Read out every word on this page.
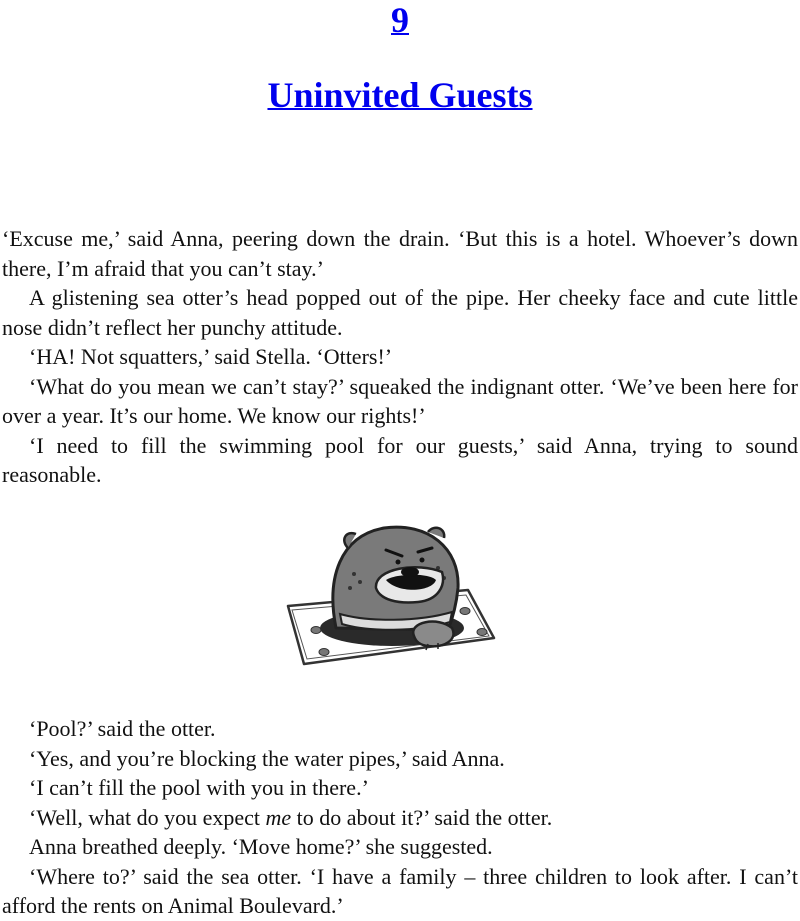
9
Uninvited Guests

‘Excuse me,’ said Anna, peering down the drain. ‘But this is a hotel. Whoever’s down there, I’m afraid that you can’t stay.’

A glistening sea otter’s head popped out of the pipe. Her cheeky face and cute little nose didn’t reflect her punchy attitude.

‘HA! Not squatters,’ said Stella. ‘Otters!’

‘What do you mean we can’t stay?’ squeaked the indignant otter. ‘We’ve been here for over a year. It’s our home. We know our rights!’

‘I need to fill the swimming pool for our guests,’ said Anna, trying to sound reasonable.

‘Pool?’ said the otter.

‘Yes, and you’re blocking the water pipes,’ said Anna.

‘I can’t fill the pool with you in there.’

‘Well, what do you expect me to do about it?’ said the otter.

Anna breathed deeply. ‘Move home?’ she suggested.

‘Where to?’ said the sea otter. ‘I have a family – three children to look after. I can’t afford the rents on Animal Boulevard.’
